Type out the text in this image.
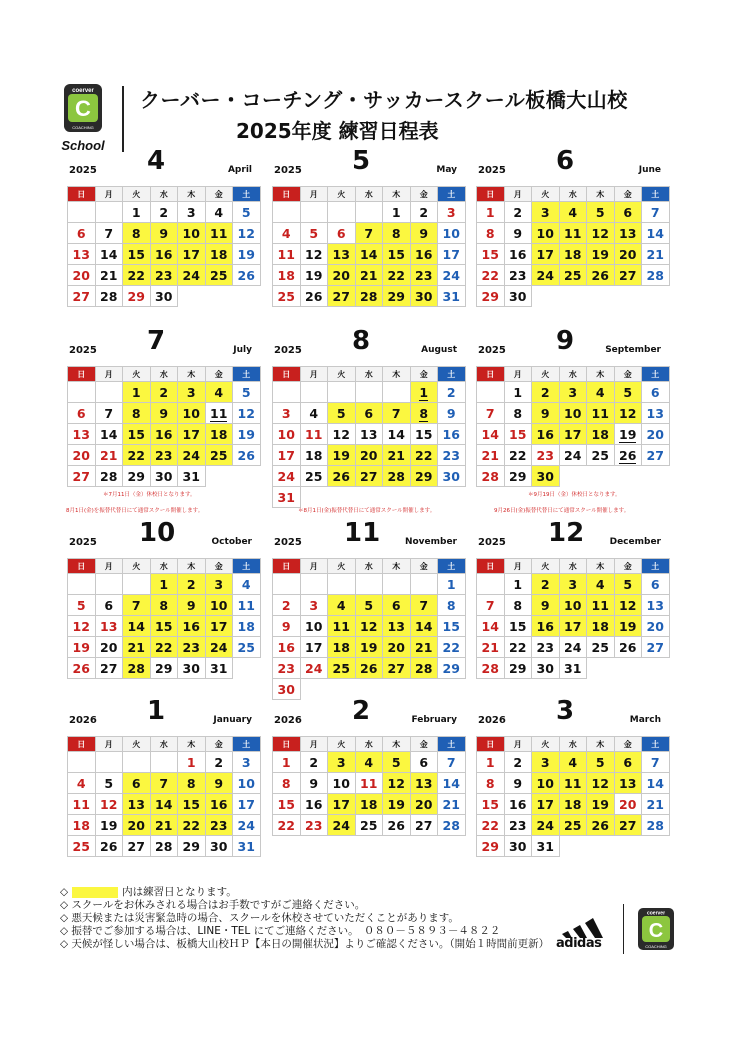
coerver
C
COACHING
School
クーバー・コーチング・サッカースクール板橋大山校
2025年度 練習日程表
2025 4	April
日	月	火	水	木	金	土
		1	2	3	4	5
6	7	8	9	10	11	12
13	14	15	16	17	18	19
20	21	22	23	24	25	26
27	28	29	30			
2025 5	May
日	月	火	水	木	金	土
				1	2	3
4	5	6	7	8	9	10
11	12	13	14	15	16	17
18	19	20	21	22	23	24
25	26	27	28	29	30	31
2025 6	June
日	月	火	水	木	金	土
1	2	3	4	5	6	7
8	9	10	11	12	13	14
15	16	17	18	19	20	21
22	23	24	25	26	27	28
29	30					
2025 7	July
日	月	火	水	木	金	土
		1	2	3	4	5
6	7	8	9	10	11	12
13	14	15	16	17	18	19
20	21	22	23	24	25	26
27	28	29	30	31		
2025 8	August
日	月	火	水	木	金	土
					1	2
3	4	5	6	7	8	9
10	11	12	13	14	15	16
17	18	19	20	21	22	23
24	25	26	27	28	29	30
31						
2025 9	September
日	月	火	水	木	金	土
	1	2	3	4	5	6
7	8	9	10	11	12	13
14	15	16	17	18	19	20
21	22	23	24	25	26	27
28	29	30				
2025 10	October
日	月	火	水	木	金	土
			1	2	3	4
5	6	7	8	9	10	11
12	13	14	15	16	17	18
19	20	21	22	23	24	25
26	27	28	29	30	31	
2025 11	November
日	月	火	水	木	金	土
						1
2	3	4	5	6	7	8
9	10	11	12	13	14	15
16	17	18	19	20	21	22
23	24	25	26	27	28	29
30						
2025 12	December
日	月	火	水	木	金	土
	1	2	3	4	5	6
7	8	9	10	11	12	13
14	15	16	17	18	19	20
21	22	23	24	25	26	27
28	29	30	31			
2026 1	January
日	月	火	水	木	金	土
				1	2	3
4	5	6	7	8	9	10
11	12	13	14	15	16	17
18	19	20	21	22	23	24
25	26	27	28	29	30	31
2026 2	February
日	月	火	水	木	金	土
1	2	3	4	5	6	7
8	9	10	11	12	13	14
15	16	17	18	19	20	21
22	23	24	25	26	27	28
2026 3	March
日	月	火	水	木	金	土
1	2	3	4	5	6	7
8	9	10	11	12	13	14
15	16	17	18	19	20	21
22	23	24	25	26	27	28
29	30	31				
＊7月11日（金）休校日となります。
8月1日(金)を振替代替日にて通常スクール開催します。	＊8月1日(金)振替代替日にて通常スクール開催します。
＊9月19日（金）休校日となります。
9月26日(金)振替代替日にて通常スクール開催します。
◇	内は練習日となります。
◇ スクールをお休みされる場合はお手数ですがご連絡ください。
◇ 悪天候または災害緊急時の場合、スクールを休校させていただくことがあります。
◇ 振替でご参加する場合は、LINE・TEL にてご連絡ください。　０８０－５８９３－４８２２
◇ 天候が怪しい場合は、板橋大山校ＨＰ【本日の開催状況】よりご確認ください。（開始１時間前更新） adidas
coerver
C
COACHING
